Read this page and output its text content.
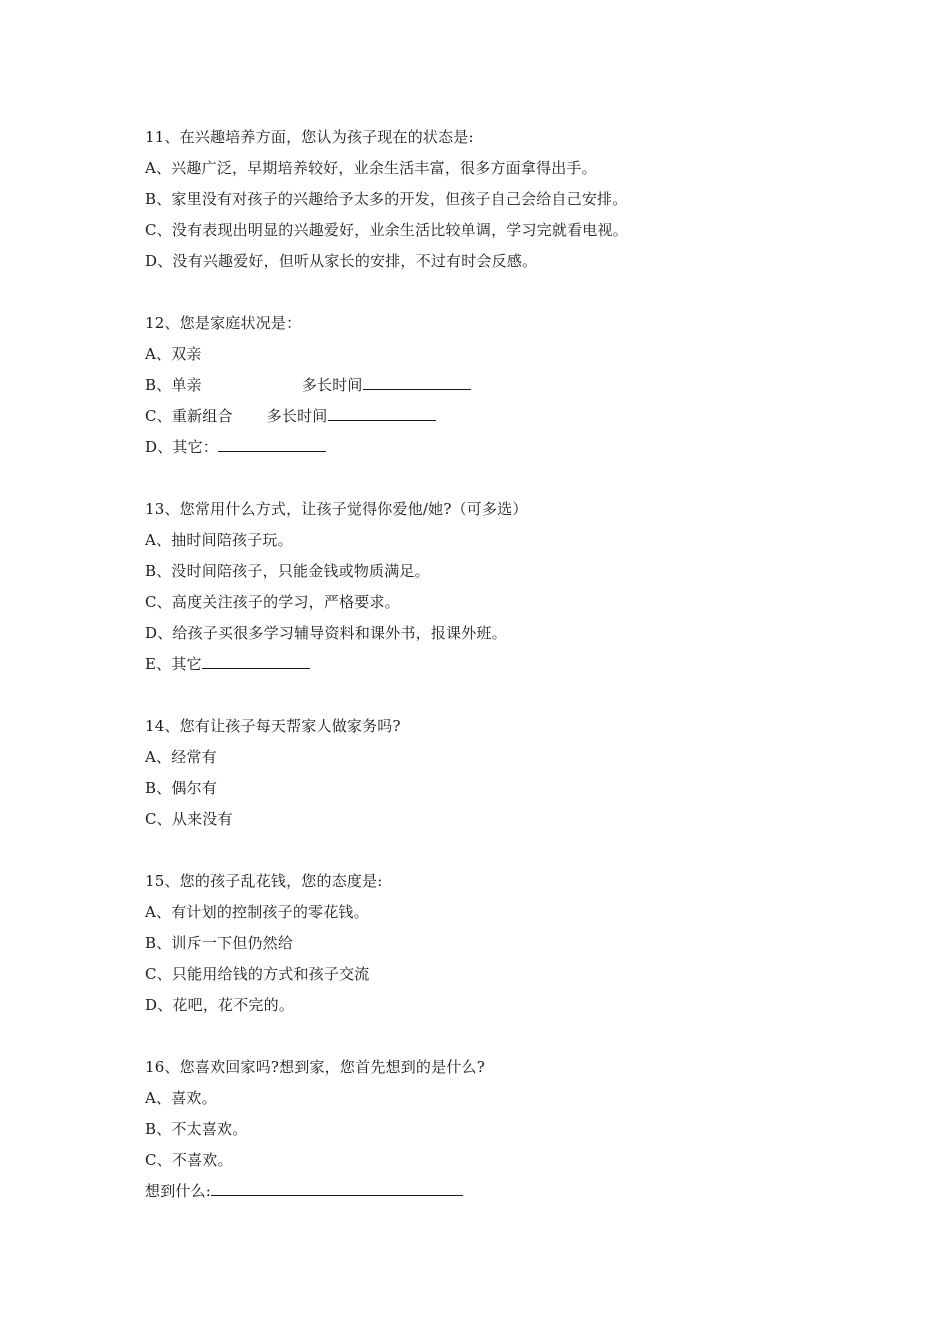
11、在兴趣培养方面，您认为孩子现在的状态是:
A、兴趣广泛，早期培养较好，业余生活丰富，很多方面拿得出手。
B、家里没有对孩子的兴趣给予太多的开发，但孩子自己会给自己安排。
C、没有表现出明显的兴趣爱好，业余生活比较单调，学习完就看电视。
D、没有兴趣爱好，但听从家长的安排，不过有时会反感。
12、您是家庭状况是：
A、双亲
B、单亲	多长时间
C、重新组合 多长时间
D、其它：
13、您常用什么方式，让孩子觉得你爱他/她?（可多选）
A、抽时间陪孩子玩。
B、没时间陪孩子，只能金钱或物质满足。
C、高度关注孩子的学习，严格要求。
D、给孩子买很多学习辅导资料和课外书，报课外班。
E、其它
14、您有让孩子每天帮家人做家务吗?
A、经常有
B、偶尔有
C、从来没有
15、您的孩子乱花钱，您的态度是:
A、有计划的控制孩子的零花钱。
B、训斥一下但仍然给
C、只能用给钱的方式和孩子交流
D、花吧，花不完的。
16、您喜欢回家吗?想到家，您首先想到的是什么?
A、喜欢。
B、不太喜欢。
C、不喜欢。
想到什么:
